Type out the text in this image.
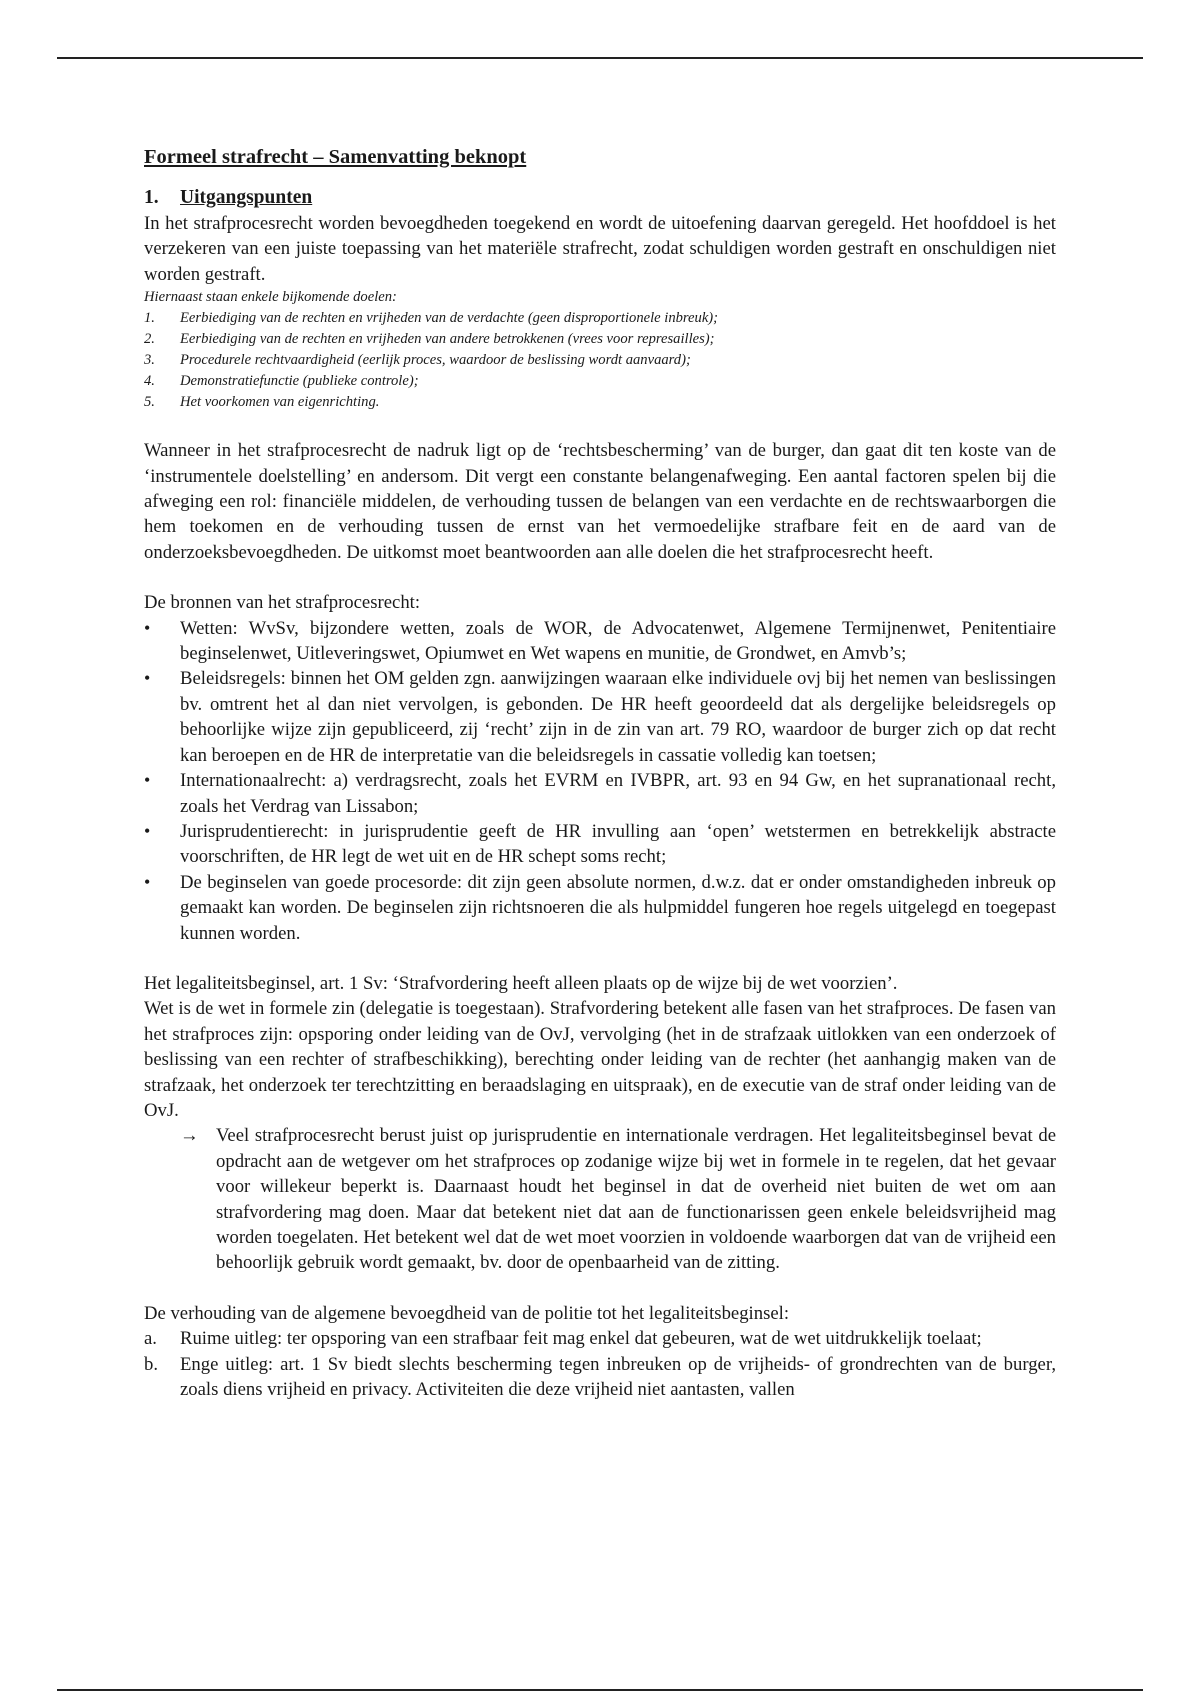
Formeel strafrecht – Samenvatting beknopt
1. Uitgangspunten

In het strafprocesrecht worden bevoegdheden toegekend en wordt de uitoefening daarvan geregeld. Het hoofddoel is het verzekeren van een juiste toepassing van het materiële strafrecht, zodat schuldigen worden gestraft en onschuldigen niet worden gestraft.

Hiernaast staan enkele bijkomende doelen:
1.	Eerbiediging van de rechten en vrijheden van de verdachte (geen disproportionele inbreuk);
2.	Eerbiediging van de rechten en vrijheden van andere betrokkenen (vrees voor represailles);
3.	Procedurele rechtvaardigheid (eerlijk proces, waardoor de beslissing wordt aanvaard);
4.	Demonstratiefunctie (publieke controle);
5.	Het voorkomen van eigenrichting.

Wanneer in het strafprocesrecht de nadruk ligt op de ‘rechtsbescherming’ van de burger, dan gaat dit ten koste van de ‘instrumentele doelstelling’ en andersom. Dit vergt een constante belangenafweging. Een aantal factoren spelen bij die afweging een rol: financiële middelen, de verhouding tussen de belangen van een verdachte en de rechtswaarborgen die hem toekomen en de verhouding tussen de ernst van het vermoedelijke strafbare feit en de aard van de onderzoeksbevoegdheden. De uitkomst moet beantwoorden aan alle doelen die het strafprocesrecht heeft.

De bronnen van het strafprocesrecht:

•	Wetten: WvSv, bijzondere wetten, zoals de WOR, de Advocatenwet, Algemene Termijnenwet, Penitentiaire beginselenwet, Uitleveringswet, Opiumwet en Wet wapens en munitie, de Grondwet, en Amvb’s;
•	Beleidsregels: binnen het OM gelden zgn. aanwijzingen waaraan elke individuele ovj bij het nemen van beslissingen bv. omtrent het al dan niet vervolgen, is gebonden. De HR heeft geoordeeld dat als dergelijke beleidsregels op behoorlijke wijze zijn gepubliceerd, zij ‘recht’ zijn in de zin van art. 79 RO, waardoor de burger zich op dat recht kan beroepen en de HR de interpretatie van die beleidsregels in cassatie volledig kan toetsen;
•	Internationaalrecht: a) verdragsrecht, zoals het EVRM en IVBPR, art. 93 en 94 Gw, en het supranationaal recht, zoals het Verdrag van Lissabon;
•	Jurisprudentierecht: in jurisprudentie geeft de HR invulling aan ‘open’ wetstermen en betrekkelijk abstracte voorschriften, de HR legt de wet uit en de HR schept soms recht;
•	De beginselen van goede procesorde: dit zijn geen absolute normen, d.w.z. dat er onder omstandigheden inbreuk op gemaakt kan worden. De beginselen zijn richtsnoeren die als hulpmiddel fungeren hoe regels uitgelegd en toegepast kunnen worden.

Het legaliteitsbeginsel, art. 1 Sv: ‘Strafvordering heeft alleen plaats op de wijze bij de wet voorzien’.

Wet is de wet in formele zin (delegatie is toegestaan). Strafvordering betekent alle fasen van het strafproces. De fasen van het strafproces zijn: opsporing onder leiding van de OvJ, vervolging (het in de strafzaak uitlokken van een onderzoek of beslissing van een rechter of strafbeschikking), berechting onder leiding van de rechter (het aanhangig maken van de strafzaak, het onderzoek ter terechtzitting en beraadslaging en uitspraak), en de executie van de straf onder leiding van de OvJ.

→ Veel strafprocesrecht berust juist op jurisprudentie en internationale verdragen. Het legaliteitsbeginsel bevat de opdracht aan de wetgever om het strafproces op zodanige wijze bij wet in formele in te regelen, dat het gevaar voor willekeur beperkt is. Daarnaast houdt het beginsel in dat de overheid niet buiten de wet om aan strafvordering mag doen. Maar dat betekent niet dat aan de functionarissen geen enkele beleidsvrijheid mag worden toegelaten. Het betekent wel dat de wet moet voorzien in voldoende waarborgen dat van de vrijheid een behoorlijk gebruik wordt gemaakt, bv. door de openbaarheid van de zitting.

De verhouding van de algemene bevoegdheid van de politie tot het legaliteitsbeginsel:

a.	Ruime uitleg: ter opsporing van een strafbaar feit mag enkel dat gebeuren, wat de wet uitdrukkelijk toelaat;
b.	Enge uitleg: art. 1 Sv biedt slechts bescherming tegen inbreuken op de vrijheids- of grondrechten van de burger, zoals diens vrijheid en privacy. Activiteiten die deze vrijheid niet aantasten, vallen
